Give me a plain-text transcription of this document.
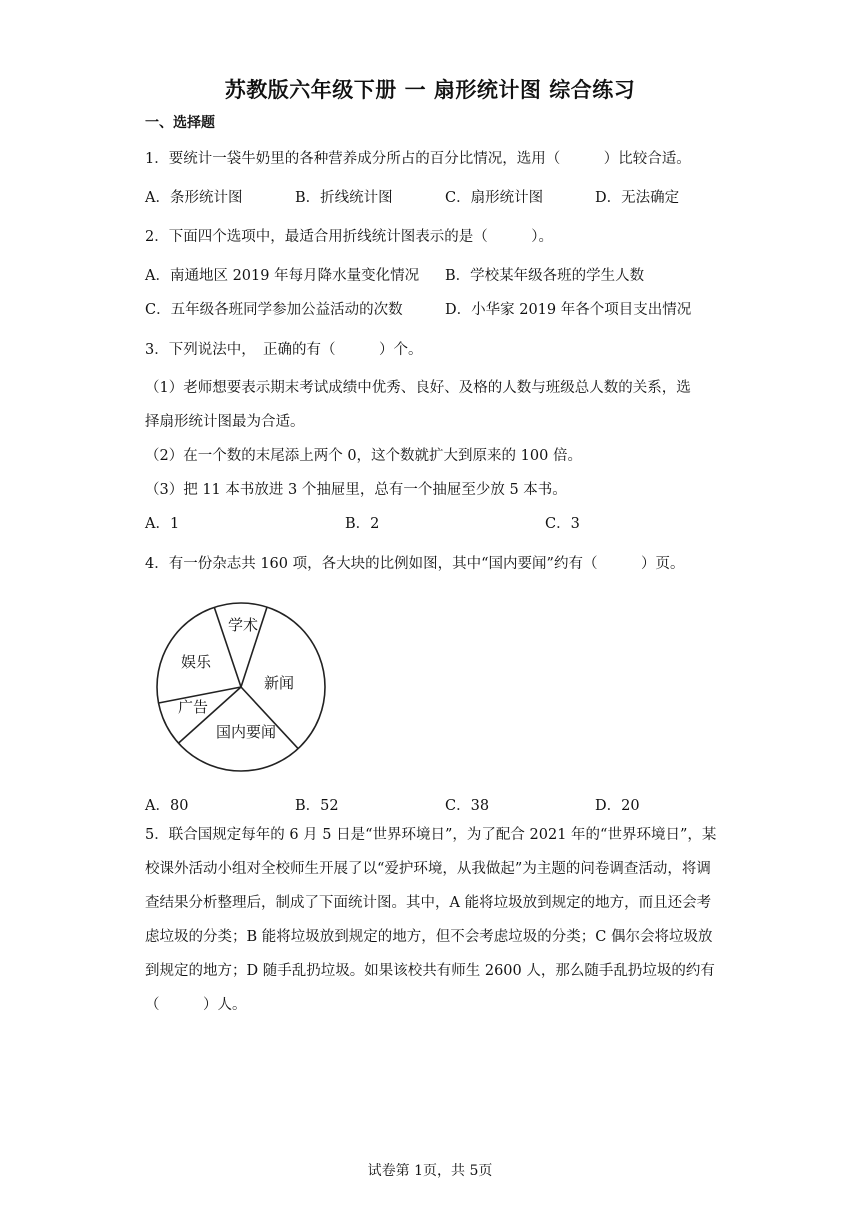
苏教版六年级下册 一 扇形统计图 综合练习
一、选择题
1．要统计一袋牛奶里的各种营养成分所占的百分比情况，选用（　　　）比较合适。
A．条形统计图	B．折线统计图	C．扇形统计图	D．无法确定
2．下面四个选项中，最适合用折线统计图表示的是（　　　）。
A．南通地区 2019 年每月降水量变化情况 B．学校某年级各班的学生人数
C．五年级各班同学参加公益活动的次数	D．小华家 2019 年各个项目支出情况
3．下列说法中，　正确的有（　　　）个。
（1）老师想要表示期末考试成绩中优秀、良好、及格的人数与班级总人数的关系，选
择扇形统计图最为合适。
（2）在一个数的末尾添上两个 0，这个数就扩大到原来的 100 倍。
（3）把 11 本书放进 3 个抽屉里，总有一个抽屉至少放 5 本书。
A．1	B．2	C．3
4．有一份杂志共 160 项，各大块的比例如图，其中“国内要闻”约有（　　　）页。
学术
新闻
国内要闻
广告
娱乐
A．80	B．52	C．38	D．20
5．联合国规定每年的 6 月 5 日是“世界环境日”，为了配合 2021 年的“世界环境日”，某校课外活动小组对全校师生开展了以“爱护环境，从我做起”为主题的问卷调查活动，将调查结果分析整理后，制成了下面统计图。其中，A 能将垃圾放到规定的地方，而且还会考虑垃圾的分类；B 能将垃圾放到规定的地方，但不会考虑垃圾的分类；C 偶尔会将垃圾放到规定的地方；D 随手乱扔垃圾。如果该校共有师生 2600 人，那么随手乱扔垃圾的约有（　　　）人。
试卷第 1页，共 5页
